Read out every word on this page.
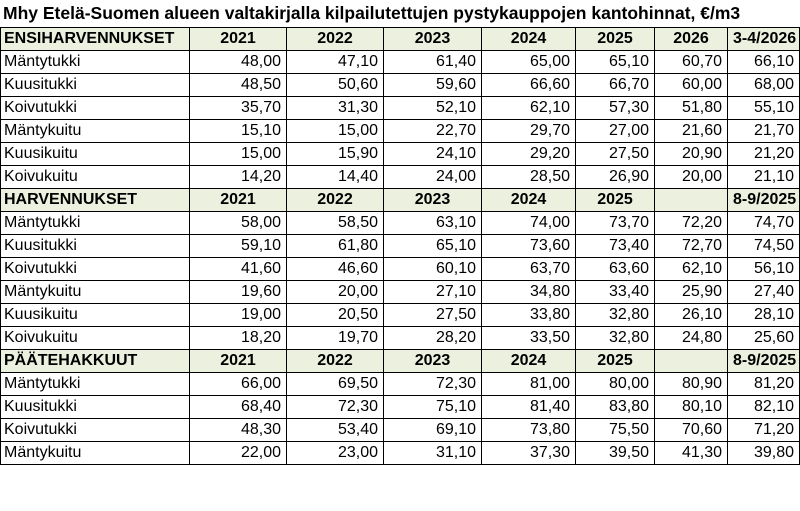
Mhy Etelä-Suomen alueen valtakirjalla kilpailutettujen pystykauppojen kantohinnat, €/m3
ENSIHARVENNUKSET	2021	2022	2023	2024	2025	2026	3-4/2026
Mäntytukki	48,00	47,10	61,40	65,00	65,10	60,70	66,10
Kuusitukki	48,50	50,60	59,60	66,60	66,70	60,00	68,00
Koivutukki	35,70	31,30	52,10	62,10	57,30	51,80	55,10
Mäntykuitu	15,10	15,00	22,70	29,70	27,00	21,60	21,70
Kuusikuitu	15,00	15,90	24,10	29,20	27,50	20,90	21,20
Koivukuitu	14,20	14,40	24,00	28,50	26,90	20,00	21,10
HARVENNUKSET	2021	2022	2023	2024	2025		8-9/2025
Mäntytukki	58,00	58,50	63,10	74,00	73,70	72,20	74,70
Kuusitukki	59,10	61,80	65,10	73,60	73,40	72,70	74,50
Koivutukki	41,60	46,60	60,10	63,70	63,60	62,10	56,10
Mäntykuitu	19,60	20,00	27,10	34,80	33,40	25,90	27,40
Kuusikuitu	19,00	20,50	27,50	33,80	32,80	26,10	28,10
Koivukuitu	18,20	19,70	28,20	33,50	32,80	24,80	25,60
PÄÄTEHAKKUUT	2021	2022	2023	2024	2025		8-9/2025
Mäntytukki	66,00	69,50	72,30	81,00	80,00	80,90	81,20
Kuusitukki	68,40	72,30	75,10	81,40	83,80	80,10	82,10
Koivutukki	48,30	53,40	69,10	73,80	75,50	70,60	71,20
Mäntykuitu	22,00	23,00	31,10	37,30	39,50	41,30	39,80
